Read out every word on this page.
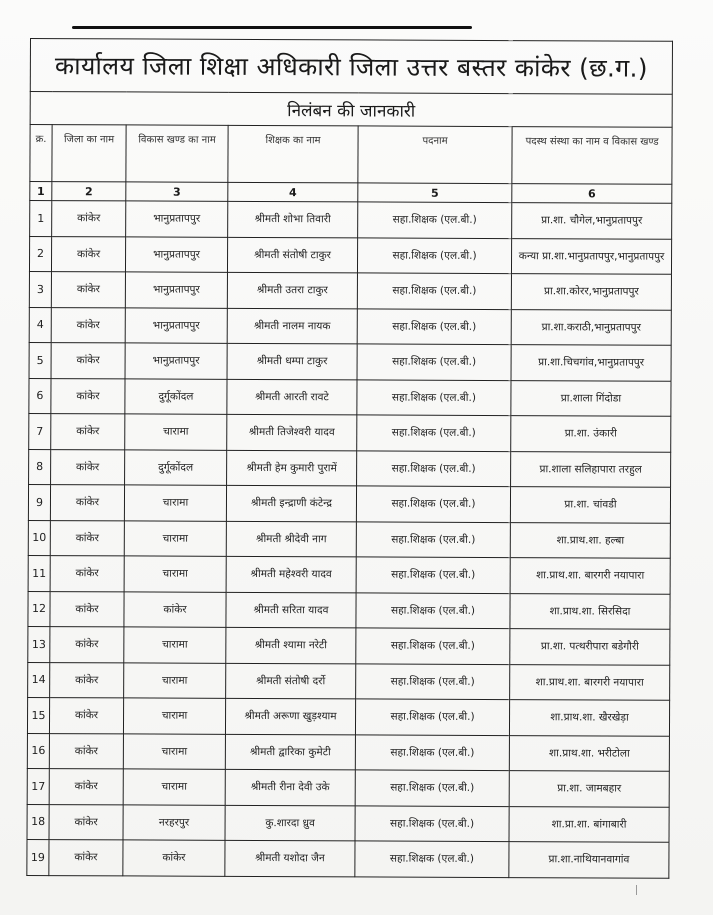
कार्यालय जिला शिक्षा अधिकारी जिला उत्तर बस्तर कांकेर (छ.ग.)					
निलंबन की जानकारी					
क्र.	जिला का नाम	विकास खण्ड का नाम	शिक्षक का नाम	पदनाम	पदस्थ संस्था का नाम व विकास खण्ड
1	2	3	4	5	6
1	कांकेर	भानुप्रतापपुर	श्रीमती शोभा तिवारी	सहा.शिक्षक (एल.बी.)	प्रा.शा. चौगेल,भानुप्रतापपुर
2	कांकेर	भानुप्रतापपुर	श्रीमती संतोषी टाकुर	सहा.शिक्षक (एल.बी.)	कन्या प्रा.शा.भानुप्रतापपुर,भानुप्रतापपुर
3	कांकेर	भानुप्रतापपुर	श्रीमती उतरा टाकुर	सहा.शिक्षक (एल.बी.)	प्रा.शा.कोरर,भानुप्रतापपुर
4	कांकेर	भानुप्रतापपुर	श्रीमती नालम नायक	सहा.शिक्षक (एल.बी.)	प्रा.शा.कराठी,भानुप्रतापपुर
5	कांकेर	भानुप्रतापपुर	श्रीमती धम्पा टाकुर	सहा.शिक्षक (एल.बी.)	प्रा.शा.चिचगांव,भानुप्रतापपुर
6	कांकेर	दुर्गूकोंदल	श्रीमती आरती रावटे	सहा.शिक्षक (एल.बी.)	प्रा.शाला गिंदोडा
7	कांकेर	चारामा	श्रीमती तिजेश्वरी यादव	सहा.शिक्षक (एल.बी.)	प्रा.शा. उंकारी
8	कांकेर	दुर्गूकोंदल	श्रीमती हेम कुमारी पुरामें	सहा.शिक्षक (एल.बी.)	प्रा.शाला सलिहापारा तरहुल
9	कांकेर	चारामा	श्रीमती इन्द्राणी कंटेन्द्र	सहा.शिक्षक (एल.बी.)	प्रा.शा. चांवडी
10	कांकेर	चारामा	श्रीमती श्रीदेवी नाग	सहा.शिक्षक (एल.बी.)	शा.प्राथ.शा. हल्बा
11	कांकेर	चारामा	श्रीमती महेश्वरी यादव	सहा.शिक्षक (एल.बी.)	शा.प्राथ.शा. बारगरी नयापारा
12	कांकेर	कांकेर	श्रीमती सरिता यादव	सहा.शिक्षक (एल.बी.)	शा.प्राथ.शा. सिरसिदा
13	कांकेर	चारामा	श्रीमती श्यामा नरेटी	सहा.शिक्षक (एल.बी.)	प्रा.शा. पत्थरीपारा बडेगौरी
14	कांकेर	चारामा	श्रीमती संतोषी दर्रो	सहा.शिक्षक (एल.बी.)	शा.प्राथ.शा. बारगरी नयापारा
15	कांकेर	चारामा	श्रीमती अरूणा खुड़श्याम	सहा.शिक्षक (एल.बी.)	शा.प्राथ.शा. खैरखेड़ा
16	कांकेर	चारामा	श्रीमती द्वारिका कुमेटी	सहा.शिक्षक (एल.बी.)	शा.प्राथ.शा. भरीटोला
17	कांकेर	चारामा	श्रीमती रीना देवी उके	सहा.शिक्षक (एल.बी.)	प्रा.शा. जामबहार
18	कांकेर	नरहरपुर	कु.शारदा ध्रुव	सहा.शिक्षक (एल.बी.)	शा.प्रा.शा. बांगाबारी
19	कांकेर	कांकेर	श्रीमती यशोदा जैन	सहा.शिक्षक (एल.बी.)	प्रा.शा.नाथियानवागांव
